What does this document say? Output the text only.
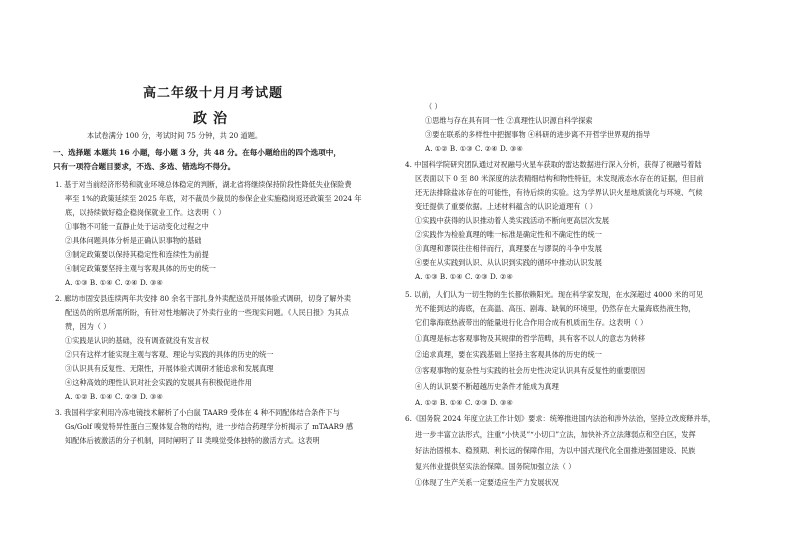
高二年级十月月考试题
政治
本试卷满分 100 分，考试时间 75 分钟，共 20 道题。
一、选择题 本题共 16 小题，每小题 3 分，共 48 分。在每小题给出的四个选项中，
只有一项符合题目要求，不选、多选、错选均不得分。
1. 基于对当前经济形势和就业环境总体稳定的判断，湖北省将继续保持阶段性降低失业保险费
率至 1%的政策延续至 2025 年底，对不裁员少裁员的参保企业实施稳岗返还政策至 2024 年
底，以持续做好稳企稳岗保就业工作。这表明（ ）
①事物不可能一直静止处于运动变化过程之中
②具体问题具体分析是正确认识事物的基础
③制定政策要以保持其稳定性和连续性为前提
④制定政策要坚持主观与客观具体的历史的统一
A. ①③ B. ①④ C. ②④ D. ③④
2. 廊坊市固安县连续两年共安排 80 余名干部扎身外卖配送员开展体验式调研，切身了解外卖
配送员的所思所需所盼，有针对性地解决了外卖行业的一些现实问题。《人民日报》为其点
赞，因为（ ）
①实践是认识的基础，没有调查就没有发言权
②只有这样才能实现主观与客观、理论与实践的具体的历史的统一
③认识具有反复性、无限性，开展体验式调研才能追求和发展真理
④这种高效的理性认识对社会实践的发展具有积极促进作用
A. ①② B. ①④ C. ②③ D. ③④
3. 我国科学家利用冷冻电镜技术解析了小白鼠 TAAR9 受体在 4 种不同配体结合条件下与
Gs/Golf 嗅觉特异性蛋白三聚体复合物的结构，进一步结合药理学分析揭示了 mTAAR9 感
知配体后被激活的分子机制，同时阐明了 II 类嗅觉受体独特的激活方式。这表明
（ ）
①思维与存在具有同一性 ②真理性认识源自科学探索
③要在联系的多样性中把握事物 ④科研的进步离不开哲学世界观的指导
A. ①② B. ①③ C. ②④ D. ③④
4. 中国科学院研究团队通过对祝融号火星车获取的雷达数据进行深入分析，获得了祝融号着陆
区表面以下 0 至 80 米深度的法表精细结构和物性特征，未发现液态水存在的证据，但目前
还无法排除盐冰存在的可能性，有待后续的实验。这为学界认识火星地质演化与环境、气候
变迁提供了重要依据。上述材料蕴含的认识论道理有（ ）
①实践中获得的认识推动着人类实践活动不断向更高层次发展
②实践作为检验真理的唯一标准是确定性和不确定性的统一
③真理和谬误往往相伴而行，真理要在与谬误的斗争中发展
④要在从实践到认识、从认识到实践的循环中推动认识发展
A. ①③ B. ①④ C. ②③ D. ②④
5. 以前，人们认为一切生物的生长都依赖阳光。现在科学家发现，在水深超过 4000 米的可见
光不能到达的海底，在高温、高压、剧毒、缺氧的环境里，仍然存在大量海底热液生物，
它们靠海底热液带出的能量进行化合作用合成有机质而生存。这表明（ ）
①真理是标志客观事物及其规律的哲学范畴，具有客不以人的意志为转移
②追求真理，要在实践基础上坚持主客观具体的历史的统一
③客观事物的复杂性与实践的社会历史性决定认识具有反复性的重要原因
④人的认识要不断超越历史条件才能成为真理
A. ①② B. ①④ C. ②③ D. ③④
6.《国务院 2024 年度立法工作计划》要求：统筹推进国内法治和涉外法治，坚持立改废释并举，
进一步丰富立法形式，注重“小快灵”“小切口”立法，加快补齐立法薄弱点和空白区，发挥
好法治固根本、稳预期、利长远的保障作用，为以中国式现代化全面推进强国建设、民族
复兴伟业提供坚实法治保障。国务院加强立法（ ）
①体现了生产关系一定要适应生产力发展状况
